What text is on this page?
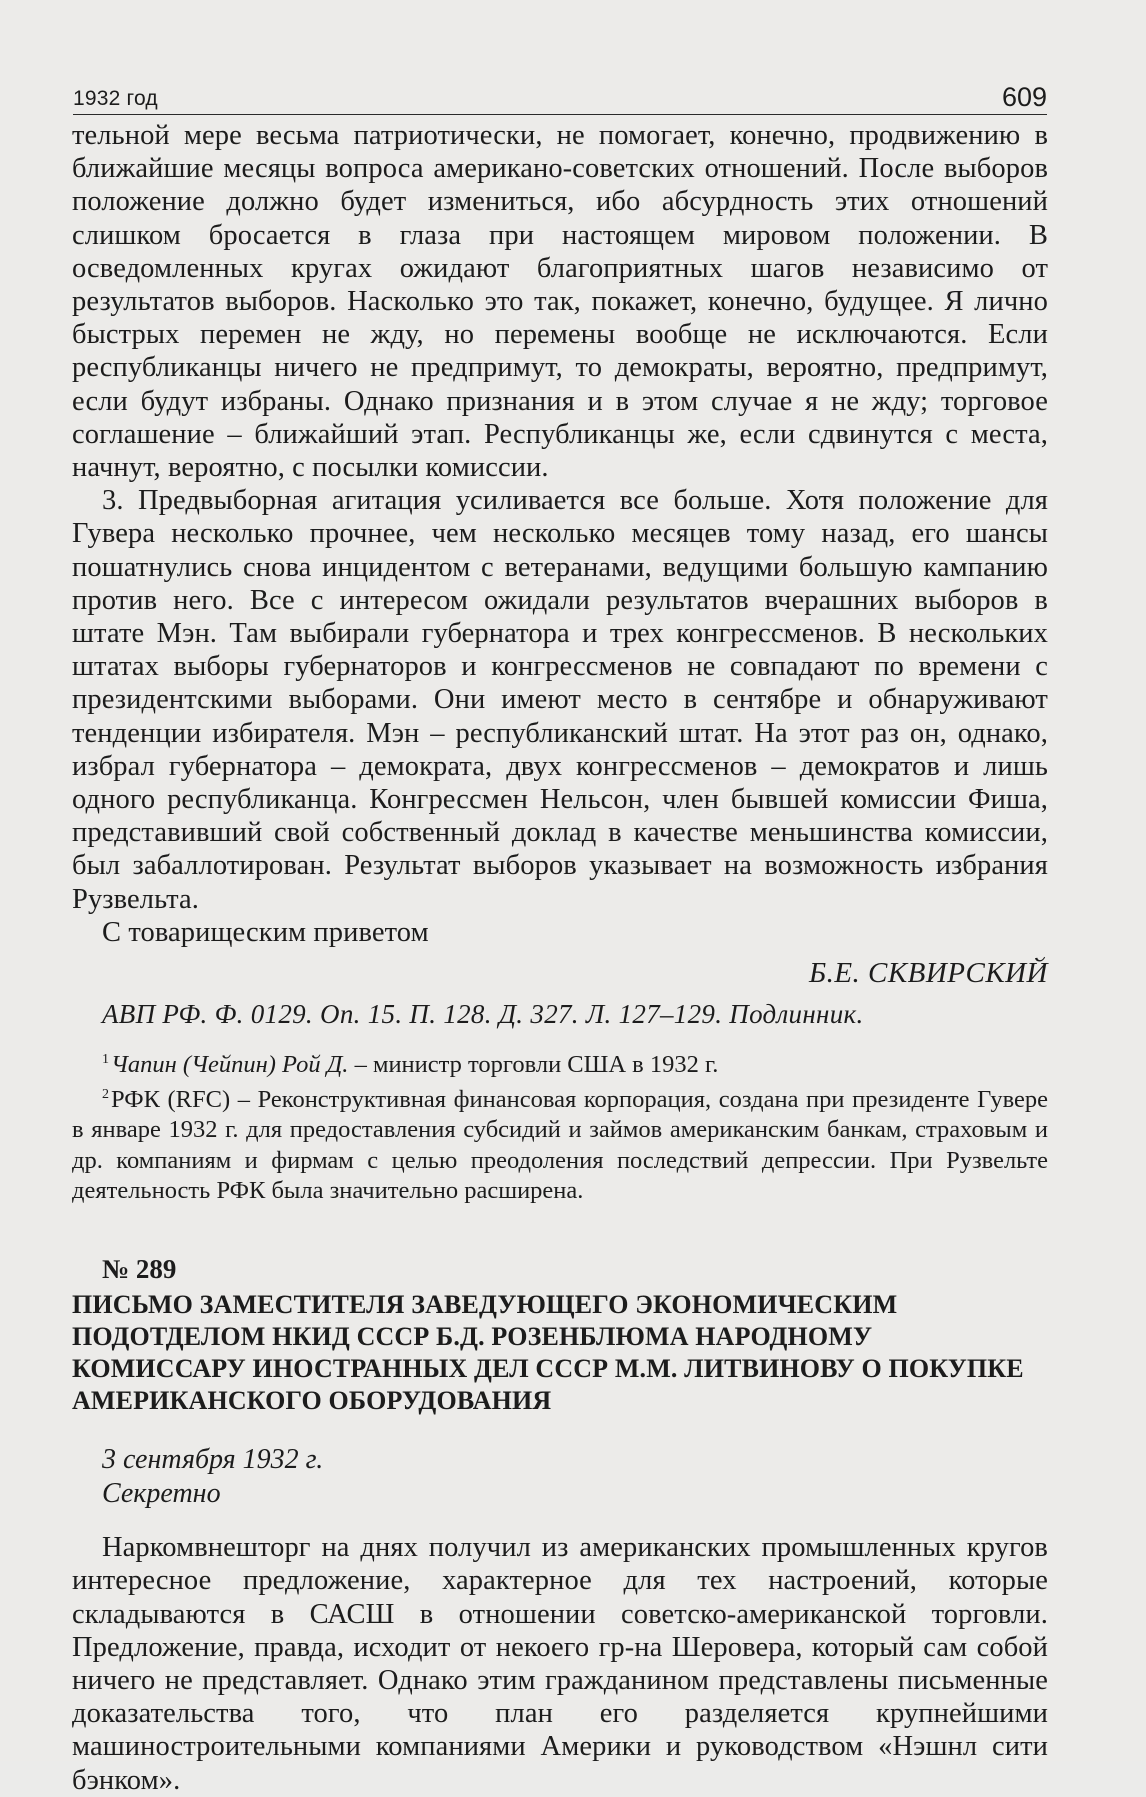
1932 год	609

тельной мере весьма патриотически, не помогает, конечно, продвижению в ближайшие месяцы вопроса американо-советских отношений. После выборов положение должно будет измениться, ибо абсурдность этих отношений слишком бросается в глаза при настоящем мировом положении. В осведомленных кругах ожидают благоприятных шагов независимо от результатов выборов. Насколько это так, покажет, конечно, будущее. Я лично быстрых перемен не жду, но перемены вообще не исключаются. Если республиканцы ничего не предпримут, то демократы, вероятно, предпримут, если будут избраны. Однако признания и в этом случае я не жду; торговое соглашение – ближайший этап. Республиканцы же, если сдвинутся с места, начнут, вероятно, с посылки комиссии.

3. Предвыборная агитация усиливается все больше. Хотя положение для Гувера несколько прочнее, чем несколько месяцев тому назад, его шансы пошатнулись снова инцидентом с ветеранами, ведущими большую кампанию против него. Все с интересом ожидали результатов вчерашних выборов в штате Мэн. Там выбирали губернатора и трех конгрессменов. В нескольких штатах выборы губернаторов и конгрессменов не совпадают по времени с президентскими выборами. Они имеют место в сентябре и обнаруживают тенденции избирателя. Мэн – республиканский штат. На этот раз он, однако, избрал губернатора – демократа, двух конгрессменов – демократов и лишь одного республиканца. Конгрессмен Нельсон, член бывшей комиссии Фиша, представивший свой собственный доклад в качестве меньшинства комиссии, был забаллотирован. Результат выборов указывает на возможность избрания Рузвельта.

С товарищеским приветом

Б.Е. СКВИРСКИЙ

АВП РФ. Ф. 0129. Оп. 15. П. 128. Д. 327. Л. 127–129. Подлинник.

$^1$Чапин (Чейпин) Рой Д. – министр торговли США в 1932 г.

$^2$РФК (RFC) – Реконструктивная финансовая корпорация, создана при президенте Гувере в январе 1932 г. для предоставления субсидий и займов американским банкам, страховым и др. компаниям и фирмам с целью преодоления последствий депрессии. При Рузвельте деятельность РФК была значительно расширена.

№ 289

ПИСЬМО ЗАМЕСТИТЕЛЯ ЗАВЕДУЮЩЕГО ЭКОНОМИЧЕСКИМ ПОДОТДЕЛОМ НКИД СССР Б.Д. РОЗЕНБЛЮМА НАРОДНОМУ КОМИССАРУ ИНОСТРАННЫХ ДЕЛ СССР М.М. ЛИТВИНОВУ О ПОКУПКЕ АМЕРИКАНСКОГО ОБОРУДОВАНИЯ

3 сентября 1932 г.

Секретно

Наркомвнешторг на днях получил из американских промышленных кругов интересное предложение, характерное для тех настроений, которые складываются в САСШ в отношении советско-американской торговли. Предложение, правда, исходит от некоего гр-на Шеровера, который сам собой ничего не представляет. Однако этим гражданином представлены письменные доказательства того, что план его разделяется крупнейшими машиностроительными компаниями Америки и руководством «Нэшнл сити бэнком».
